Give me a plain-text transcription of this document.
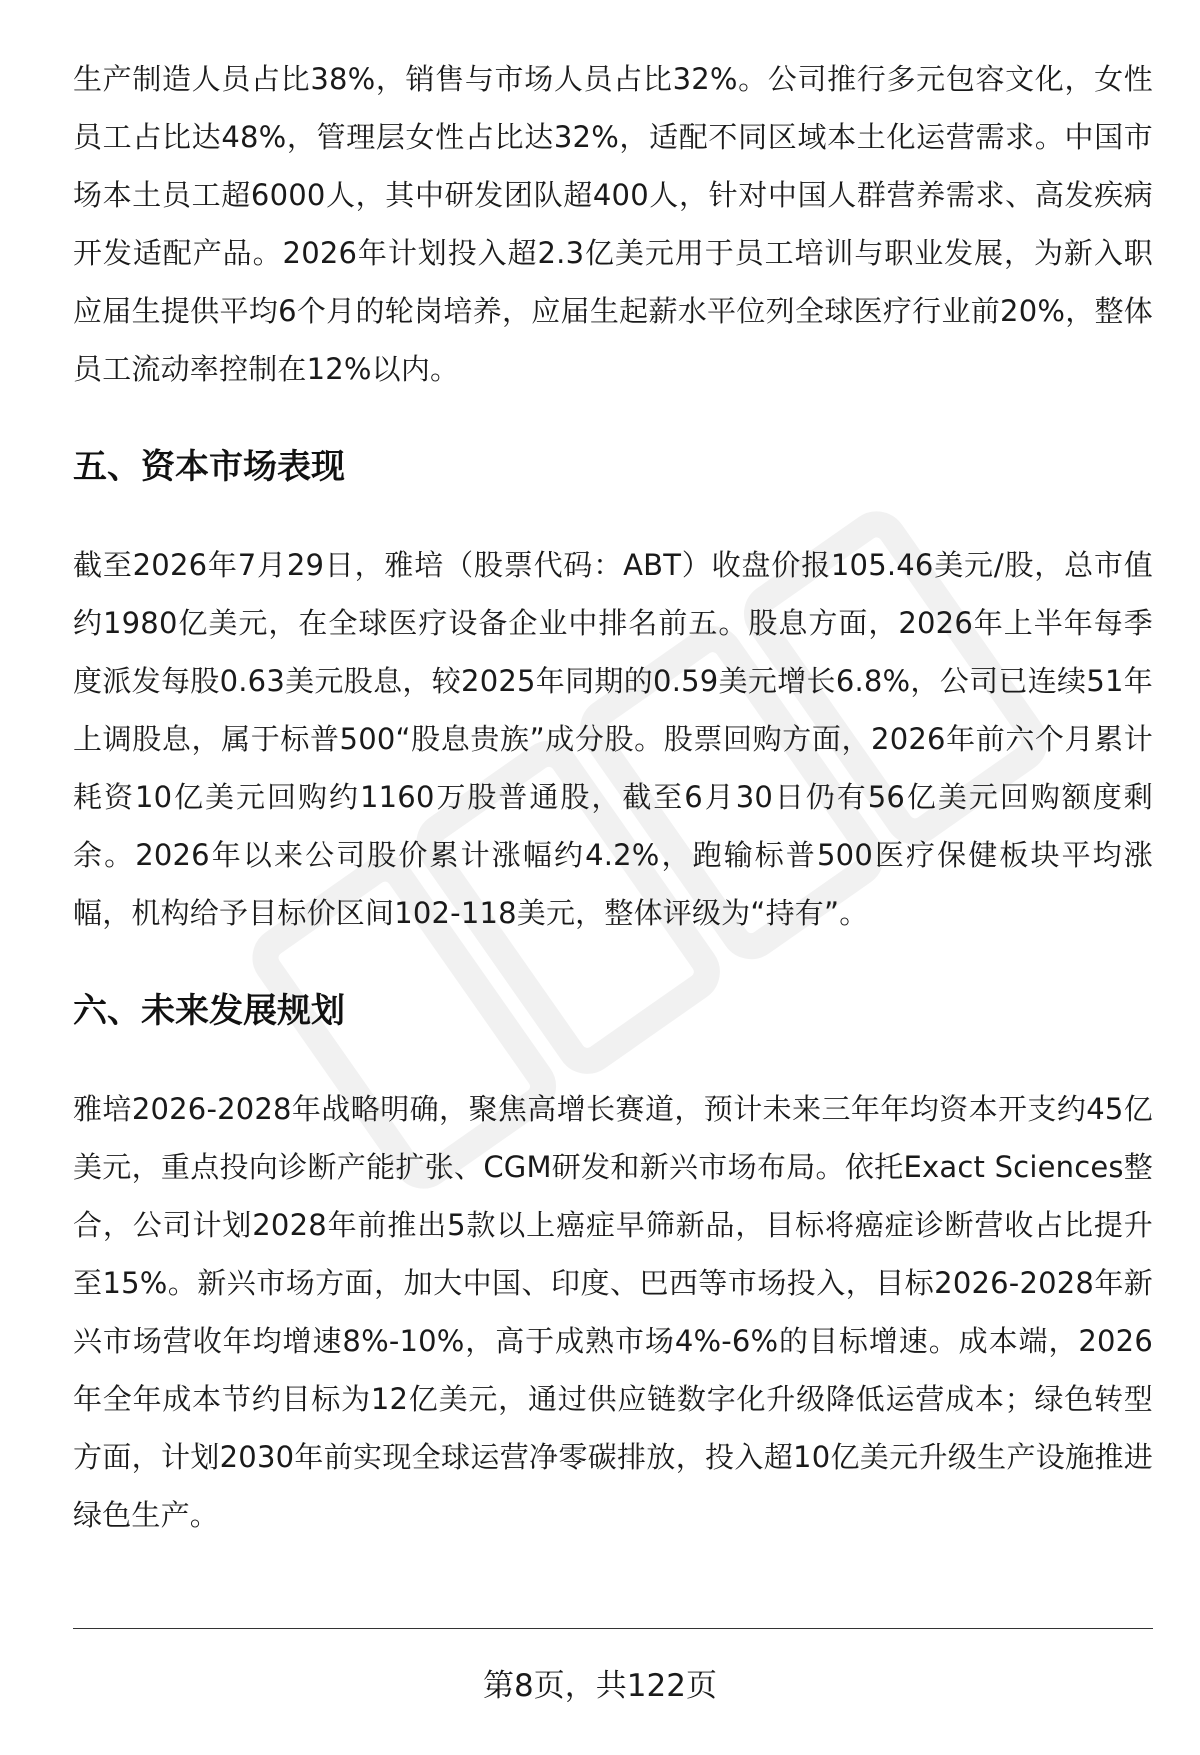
生产制造人员占比38%，销售与市场人员占比32%。公司推行多元包容文化，女性员工占比达48%，管理层女性占比达32%，适配不同区域本土化运营需求。中国市场本土员工超6000人，其中研发团队超400人，针对中国人群营养需求、高发疾病开发适配产品。2026年计划投入超2.3亿美元用于员工培训与职业发展，为新入职应届生提供平均6个月的轮岗培养，应届生起薪水平位列全球医疗行业前20%，整体员工流动率控制在12%以内。

五、资本市场表现

截至2026年7月29日，雅培（股票代码：ABT）收盘价报105.46美元/股，总市值约1980亿美元，在全球医疗设备企业中排名前五。股息方面，2026年上半年每季度派发每股0.63美元股息，较2025年同期的0.59美元增长6.8%，公司已连续51年上调股息，属于标普500“股息贵族”成分股。股票回购方面，2026年前六个月累计耗资10亿美元回购约1160万股普通股，截至6月30日仍有56亿美元回购额度剩余。2026年以来公司股价累计涨幅约4.2%，跑输标普500医疗保健板块平均涨幅，机构给予目标价区间102-118美元，整体评级为“持有”。

六、未来发展规划

雅培2026-2028年战略明确，聚焦高增长赛道，预计未来三年年均资本开支约45亿美元，重点投向诊断产能扩张、CGM研发和新兴市场布局。依托Exact Sciences整合，公司计划2028年前推出5款以上癌症早筛新品，目标将癌症诊断营收占比提升至15%。新兴市场方面，加大中国、印度、巴西等市场投入，目标2026-2028年新兴市场营收年均增速8%-10%，高于成熟市场4%-6%的目标增速。成本端，2026年全年成本节约目标为12亿美元，通过供应链数字化升级降低运营成本；绿色转型方面，计划2030年前实现全球运营净零碳排放，投入超10亿美元升级生产设施推进绿色生产。

第8页，共122页
